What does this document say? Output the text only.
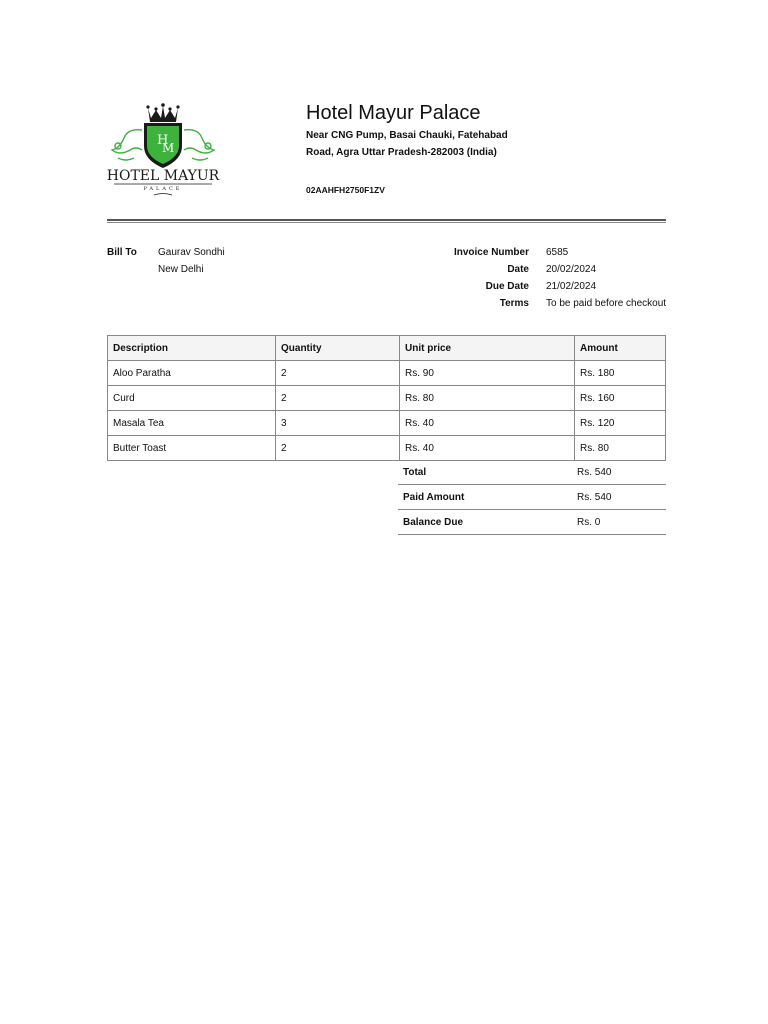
H
M
HOTEL MAYUR
PALACE
Hotel Mayur Palace
Near CNG Pump, Basai Chauki, Fatehabad
Road, Agra Uttar Pradesh-282003 (India)
02AAHFH2750F1ZV
Bill To Gaurav Sondhi
New Delhi
Invoice Number 6585
Date 20/02/2024
Due Date 21/02/2024
Terms To be paid before checkout
Description	Quantity	Unit price	Amount
Aloo Paratha	2	Rs. 90	Rs. 180
Curd	2	Rs. 80	Rs. 160
Masala Tea	3	Rs. 40	Rs. 120
Butter Toast	2	Rs. 40	Rs. 80
Total	Rs. 540
Paid Amount	Rs. 540
Balance Due	Rs. 0
